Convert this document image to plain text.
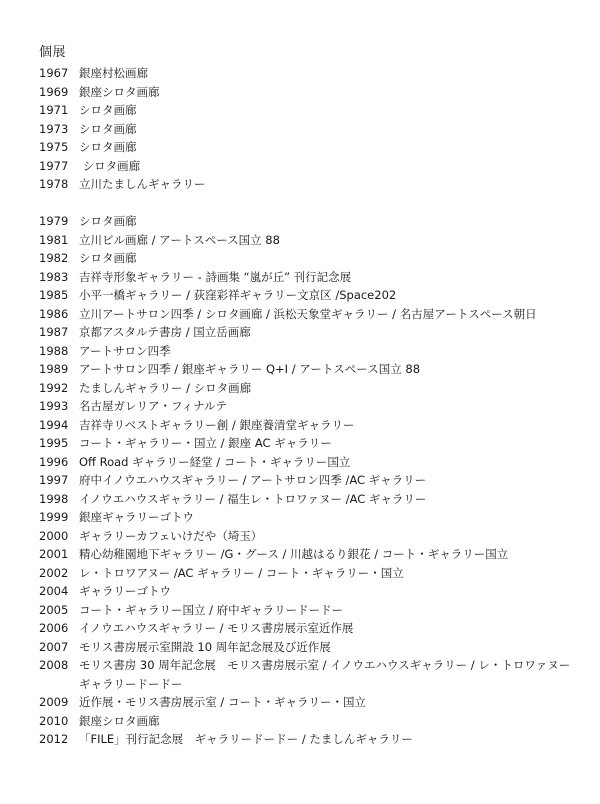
個展
1967 銀座村松画廊
1969 銀座シロタ画廊
1971 シロタ画廊
1973 シロタ画廊
1975 シロタ画廊
1977 シロタ画廊
1978 立川たましんギャラリー
1979 シロタ画廊
1981 立川ビル画廊 / アートスペース国立 88
1982 シロタ画廊
1983 吉祥寺形象ギャラリー - 詩画集 “嵐が丘” 刊行記念展
1985 小平一橋ギャラリー / 荻窪彩祥ギャラリー文京区 /Space202
1986 立川アートサロン四季 / シロタ画廊 / 浜松天象堂ギャラリー / 名古屋アートスペース朝日
1987 京都アスタルテ書房 / 国立岳画廊
1988 アートサロン四季
1989 アートサロン四季 / 銀座ギャラリー Q+I / アートスペース国立 88
1992 たましんギャラリー / シロタ画廊
1993 名古屋ガレリア・フィナルテ
1994 吉祥寺リベストギャラリー創 / 銀座養清堂ギャラリー
1995 コート・ギャラリー・国立 / 銀座 AC ギャラリー
1996 Off Road ギャラリー経堂 / コート・ギャラリー国立
1997 府中イノウエハウスギャラリー / アートサロン四季 /AC ギャラリー
1998 イノウエハウスギャラリー / 福生レ・トロワァヌー /AC ギャラリー
1999 銀座ギャラリーゴトウ
2000 ギャラリーカフェいけだや（埼玉）
2001 精心幼稚園地下ギャラリー /G・グース / 川越はるり銀花 / コート・ギャラリー国立
2002 レ・トロワアヌー /AC ギャラリー / コート・ギャラリー・国立
2004 ギャラリーゴトウ
2005 コート・ギャラリー国立 / 府中ギャラリードードー
2006 イノウエハウスギャラリー / モリス書房展示室近作展
2007 モリス書房展示室開設 10 周年記念展及び近作展
2008 モリス書房 30 周年記念展　モリス書房展示室 / イノウエハウスギャラリー / レ・トロワァヌー
ギャラリードードー
2009 近作展・モリス書房展示室 / コート・ギャラリー・国立
2010 銀座シロタ画廊
2012 「FILE」刊行記念展　ギャラリードードー / たましんギャラリー
